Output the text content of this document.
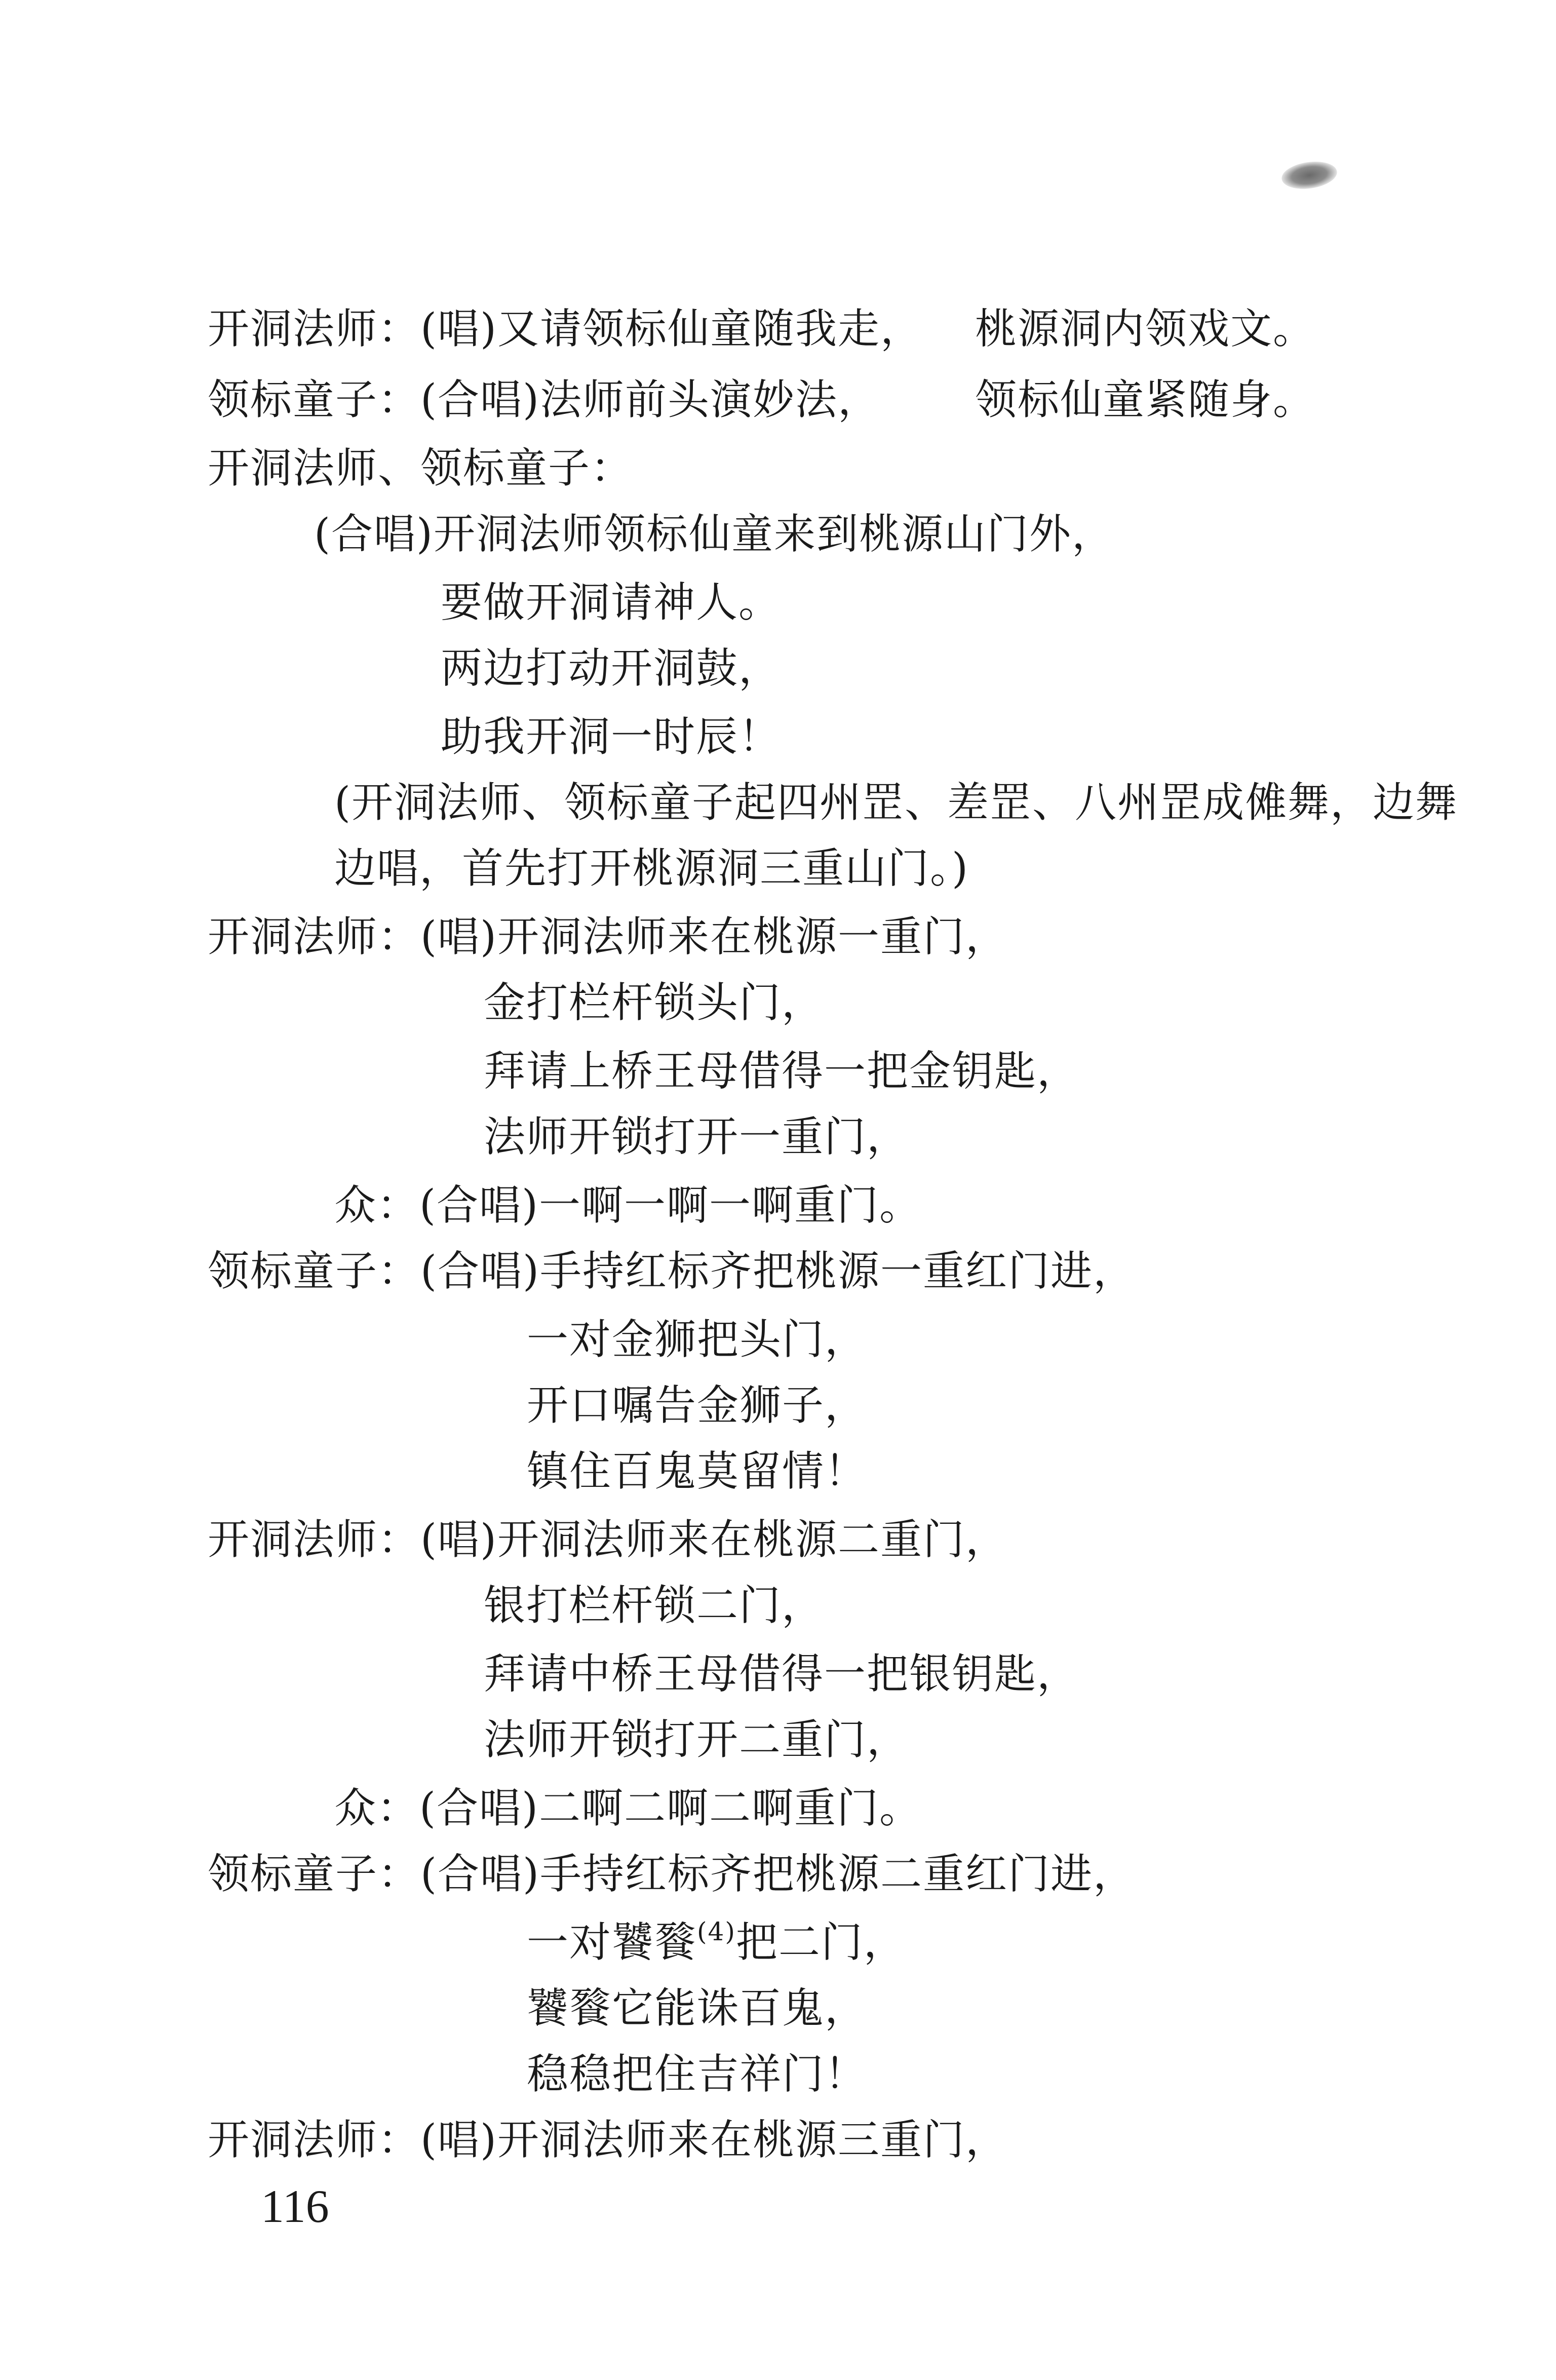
开洞法师：(唱)又请领标仙童随我走， 桃源洞内领戏文。
领标童子：(合唱)法师前头演妙法， 领标仙童紧随身。
开洞法师、领标童子：
(合唱)开洞法师领标仙童来到桃源山门外，
要做开洞请神人。
两边打动开洞鼓，
助我开洞一时辰！
(开洞法师、领标童子起四州罡、差罡、八州罡成傩舞，边舞
边唱，首先打开桃源洞三重山门。)
开洞法师：(唱)开洞法师来在桃源一重门，
金打栏杆锁头门，
拜请上桥王母借得一把金钥匙，
法师开锁打开一重门，
众：(合唱)一啊一啊一啊重门。
领标童子：(合唱)手持红标齐把桃源一重红门进，
一对金狮把头门，
开口嘱告金狮子，
镇住百鬼莫留情！
开洞法师：(唱)开洞法师来在桃源二重门，
银打栏杆锁二门，
拜请中桥王母借得一把银钥匙，
法师开锁打开二重门，
众：(合唱)二啊二啊二啊重门。
领标童子：(合唱)手持红标齐把桃源二重红门进，
一对饕餮$^{(4)}$把二门，
饕餮它能诛百鬼，
稳稳把住吉祥门！
开洞法师：(唱)开洞法师来在桃源三重门，
116
